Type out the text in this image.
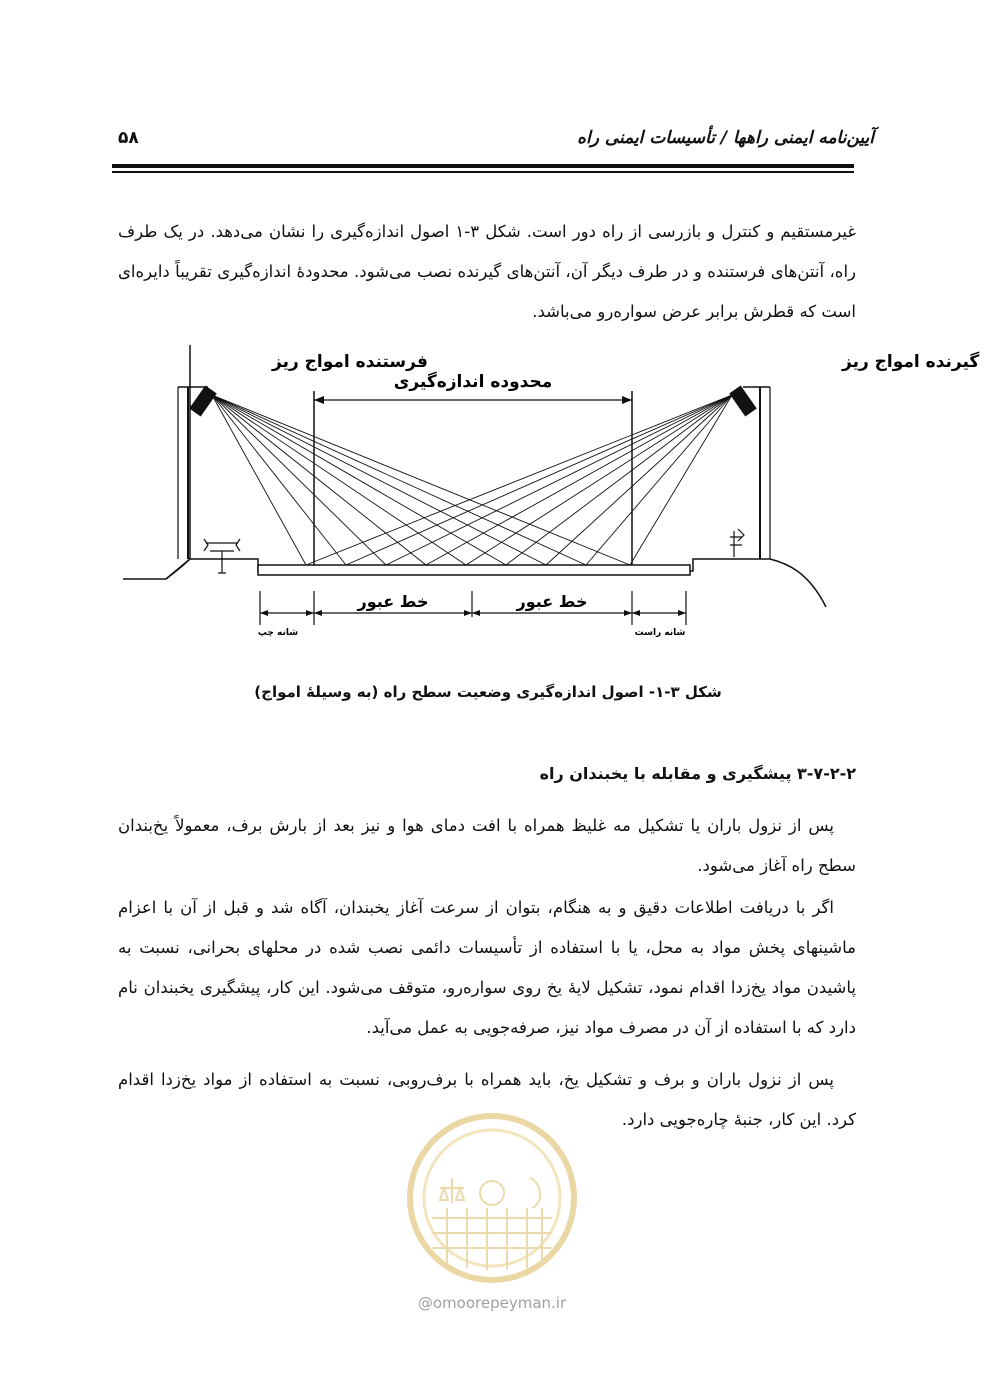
۵۸	آیین‌نامه ایمنی راهها / تأسیسات ایمنی راه
غیرمستقیم و کنترل و بازرسی از راه دور است. شکل ۳-۱ اصول اندازه‌گیری را نشان می‌دهد. در یک طرف راه، آنتن‌های فرستنده و در طرف دیگر آن، آنتن‌های گیرنده نصب می‌شود. محدودهٔ اندازه‌گیری تقریباً دایره‌ای است که قطرش برابر عرض سواره‌رو می‌باشد.
فرستنده امواج ریز	گیرنده امواج ریز
محدوده اندازه‌گیری
خط عبور	خط عبور
شانه چپ	شانه راست
شکل ۳-۱- اصول اندازه‌گیری وضعیت سطح راه (به وسیلهٔ امواج)
۳-۷-۲-۲ پیشگیری و مقابله با یخبندان راه
پس از نزول باران یا تشکیل مه غلیظ همراه با افت دمای هوا و نیز بعد از بارش برف، معمولاً یخ‌بندان سطح راه آغاز می‌شود.
اگر با دریافت اطلاعات دقیق و به هنگام، بتوان از سرعت آغاز یخبندان، آگاه شد و قبل از آن با اعزام ماشینهای پخش مواد به محل، یا با استفاده از تأسیسات دائمی نصب شده در محلهای بحرانی، نسبت به پاشیدن مواد یخ‌زدا اقدام نمود، تشکیل لایهٔ یخ روی سواره‌رو، متوقف می‌شود. این کار، پیشگیری یخبندان نام دارد که با استفاده از آن در مصرف مواد نیز، صرفه‌جویی به عمل می‌آید.
پس از نزول باران و برف و تشکیل یخ، باید همراه با برف‌روبی، نسبت به استفاده از مواد یخ‌زدا اقدام کرد. این کار، جنبهٔ چاره‌جویی دارد.
@omoorepeyman.ir
